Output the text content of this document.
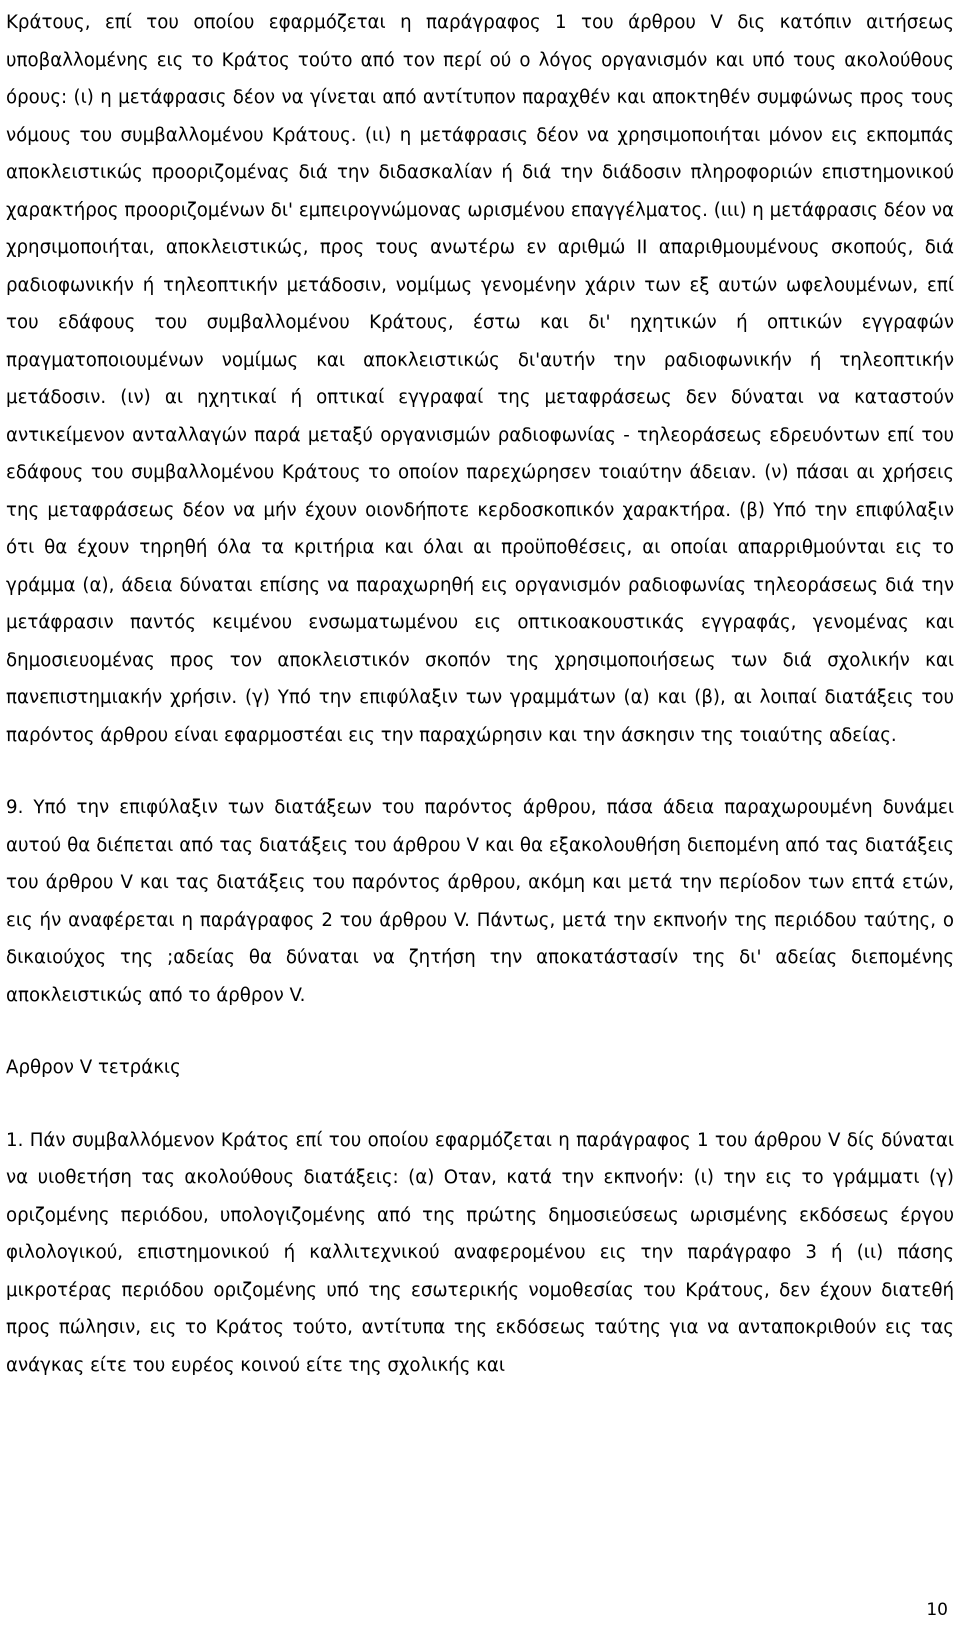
Κράτους, επί του οποίου εφαρμόζεται η παράγραφος 1 του άρθρου V δις κατόπιν αιτήσεως υποβαλλομένης εις το Κράτος τούτο από τον περί ού ο λόγος οργανισμόν και υπό τους ακολούθους όρους: (ι) η μετάφρασις δέον να γίνεται από αντίτυπον παραχθέν και αποκτηθέν συμφώνως προς τους νόμους του συμβαλλομένου Κράτους. (ιι) η μετάφρασις δέον να χρησιμοποιήται μόνον εις εκπομπάς αποκλειστικώς προοριζομένας διά την διδασκαλίαν ή διά την διάδοσιν πληροφοριών επιστημονικού χαρακτήρος προοριζομένων δι' εμπειρογνώμονας ωρισμένου επαγγέλματος. (ιιι) η μετάφρασις δέον να χρησιμοποιήται, αποκλειστικώς, προς τους ανωτέρω εν αριθμώ ΙΙ απαριθμουμένους σκοπούς, διά ραδιοφωνικήν ή τηλεοπτικήν μετάδοσιν, νομίμως γενομένην χάριν των εξ αυτών ωφελουμένων, επί του εδάφους του συμβαλλομένου Κράτους, έστω και δι' ηχητικών ή οπτικών εγγραφών πραγματοποιουμένων νομίμως και αποκλειστικώς δι'αυτήν την ραδιοφωνικήν ή τηλεοπτικήν μετάδοσιν. (ιν) αι ηχητικαί ή οπτικαί εγγραφαί της μεταφράσεως δεν δύναται να καταστούν αντικείμενον ανταλλαγών παρά μεταξύ οργανισμών ραδιοφωνίας - τηλεοράσεως εδρευόντων επί του εδάφους του συμβαλλομένου Κράτους το οποίον παρεχώρησεν τοιαύτην άδειαν. (ν) πάσαι αι χρήσεις της μεταφράσεως δέον να μήν έχουν οιονδήποτε κερδοσκοπικόν χαρακτήρα. (β) Υπό την επιφύλαξιν ότι θα έχουν τηρηθή όλα τα κριτήρια και όλαι αι προϋποθέσεις, αι οποίαι απαρριθμούνται εις το γράμμα (α), άδεια δύναται επίσης να παραχωρηθή εις οργανισμόν ραδιοφωνίας τηλεοράσεως διά την μετάφρασιν παντός κειμένου ενσωματωμένου εις οπτικοακουστικάς εγγραφάς, γενομένας και δημοσιευομένας προς τον αποκλειστικόν σκοπόν της χρησιμοποιήσεως των διά σχολικήν και πανεπιστημιακήν χρήσιν. (γ) Υπό την επιφύλαξιν των γραμμάτων (α) και (β), αι λοιπαί διατάξεις του παρόντος άρθρου είναι εφαρμοστέαι εις την παραχώρησιν και την άσκησιν της τοιαύτης αδείας.

9. Υπό την επιφύλαξιν των διατάξεων του παρόντος άρθρου, πάσα άδεια παραχωρουμένη δυνάμει αυτού θα διέπεται από τας διατάξεις του άρθρου V και θα εξακολουθήση διεπομένη από τας διατάξεις του άρθρου V και τας διατάξεις του παρόντος άρθρου, ακόμη και μετά την περίοδον των επτά ετών, εις ήν αναφέρεται η παράγραφος 2 του άρθρου V. Πάντως, μετά την εκπνοήν της περιόδου ταύτης, ο δικαιούχος της ;αδείας θα δύναται να ζητήση την αποκατάστασίν της δι' αδείας διεπομένης αποκλειστικώς από το άρθρον V.

Αρθρον V τετράκις

1. Πάν συμβαλλόμενον Κράτος επί του οποίου εφαρμόζεται η παράγραφος 1 του άρθρου V δίς δύναται να υιοθετήση τας ακολούθους διατάξεις: (α) Οταν, κατά την εκπνοήν: (ι) την εις το γράμματι (γ) οριζομένης περιόδου, υπολογιζομένης από της πρώτης δημοσιεύσεως ωρισμένης εκδόσεως έργου φιλολογικού, επιστημονικού ή καλλιτεχνικού αναφερομένου εις την παράγραφο 3 ή (ιι) πάσης μικροτέρας περιόδου οριζομένης υπό της εσωτερικής νομοθεσίας του Κράτους, δεν έχουν διατεθή προς πώλησιν, εις το Κράτος τούτο, αντίτυπα της εκδόσεως ταύτης για να ανταποκριθούν εις τας ανάγκας είτε του ευρέος κοινού είτε της σχολικής και

10
